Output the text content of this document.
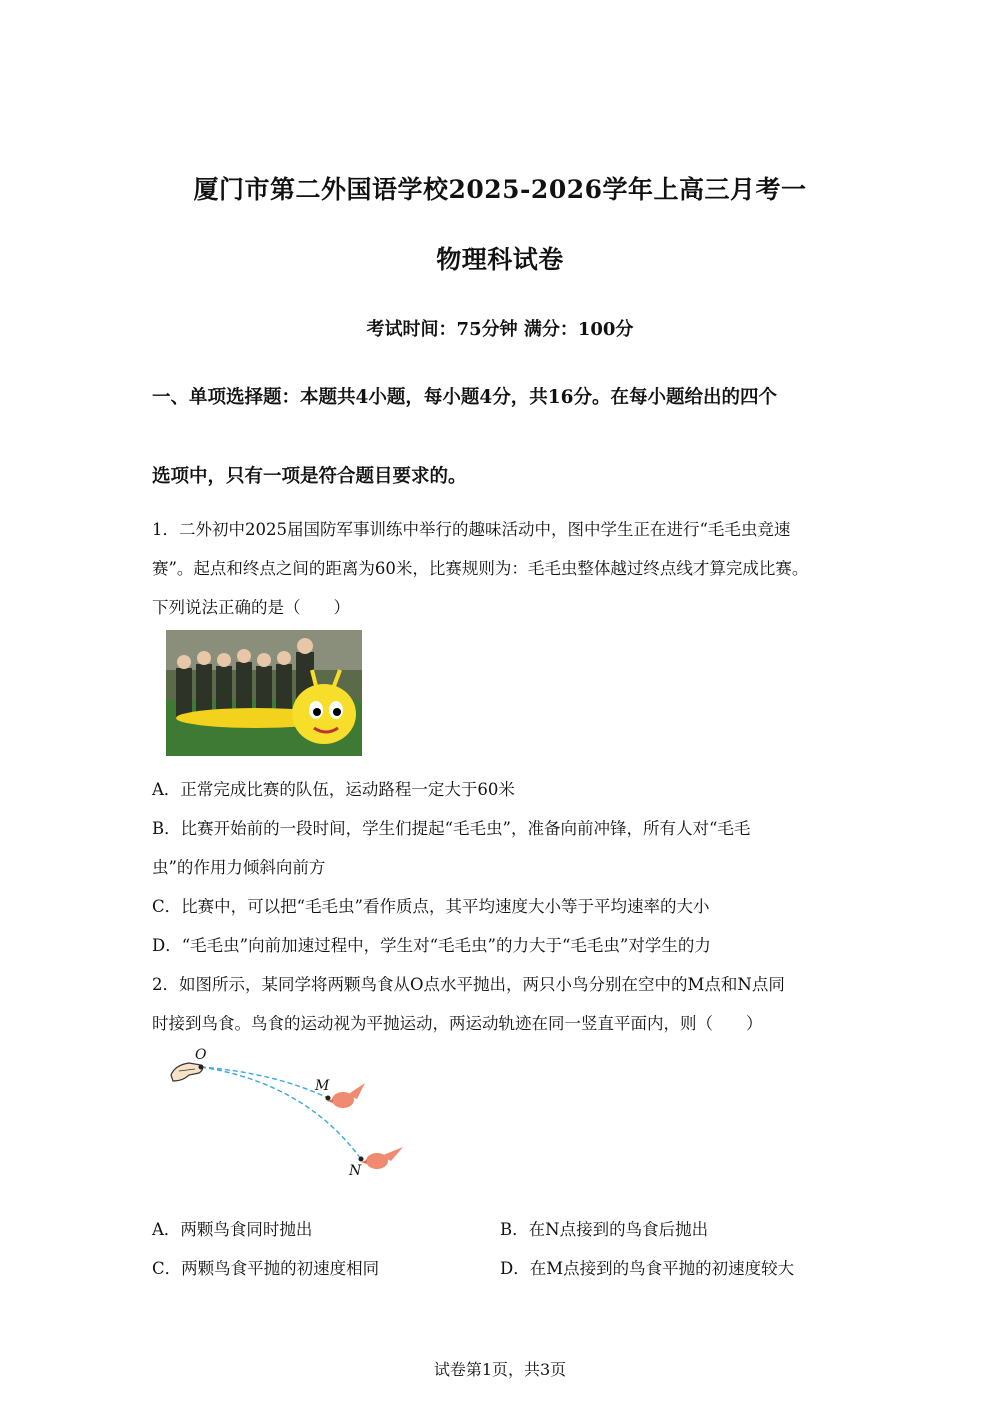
厦门市第二外国语学校2025-2026学年上高三月考一
物理科试卷
考试时间：75分钟 满分：100分
一、单项选择题：本题共4小题，每小题4分，共16分。在每小题给出的四个
选项中，只有一项是符合题目要求的。
1．二外初中2025届国防军事训练中举行的趣味活动中，图中学生正在进行“毛毛虫竞速
赛”。起点和终点之间的距离为60米，比赛规则为：毛毛虫整体越过终点线才算完成比赛。
下列说法正确的是（　　）
A．正常完成比赛的队伍，运动路程一定大于60米
B．比赛开始前的一段时间，学生们提起“毛毛虫”，准备向前冲锋，所有人对“毛毛
虫”的作用力倾斜向前方
C．比赛中，可以把“毛毛虫”看作质点，其平均速度大小等于平均速率的大小
D．“毛毛虫”向前加速过程中，学生对“毛毛虫”的力大于“毛毛虫”对学生的力
2．如图所示，某同学将两颗鸟食从O点水平抛出，两只小鸟分别在空中的M点和N点同
时接到鸟食。鸟食的运动视为平抛运动，两运动轨迹在同一竖直平面内，则（　　）
O
M
N
A．两颗鸟食同时抛出	B．在N点接到的鸟食后抛出
C．两颗鸟食平抛的初速度相同	D．在M点接到的鸟食平抛的初速度较大
试卷第1页，共3页
